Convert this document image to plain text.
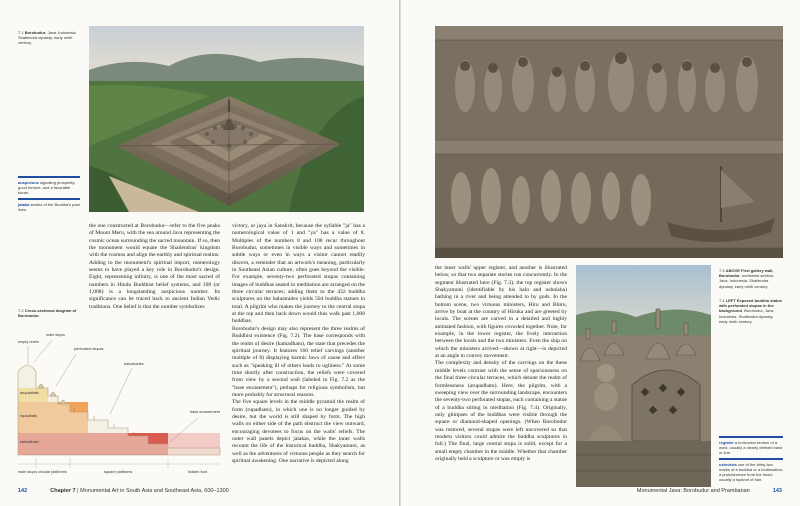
7.1 Borobudur, Java, Indonesia. Shailendra dynasty, early ninth century.
auspicious signaling prosperity, good fortune, and a favorable future.
jataka stories of the Buddha's past lives.
7.2 Cross-sectional diagram of Borobudur.
empty realm
main stupa
perforated stupas
balustrades
arupadhatu
rupadhatu
kamadhatu
base encasement
main stupa circular platforms	square platforms	hidden foot

the one constructed at Borobudur—refer to the five peaks of Mount Meru, with the sea around Java representing the cosmic ocean surrounding the sacred mountain. If so, then the monument would equate the Shailendras' kingdom with the cosmos and align the earthly and spiritual realms.
Adding to the monument's spiritual import, numerology seems to have played a key role in Borobudur's design. Eight, representing infinity, is one of the most sacred of numbers in Hindu Buddhist belief systems, and 108 (or 1,008) is a longstanding auspicious number. Its significance can be traced back to ancient Indian Vedic traditions. One belief is that the number symbolizes

victory, or jaya in Sanskrit, because the syllable "ja" has a numerological value of 1 and "ya" has a value of 8. Multiples of the numbers 8 and 108 recur throughout Borobudur, sometimes in visible ways and sometimes in subtle ways or even in ways a visitor cannot readily discern, a reminder that an artwork's meaning, particularly in Southeast Asian culture, often goes beyond the visible. For example, seventy-two perforated stupas containing images of buddhas seated in meditation are arranged on the three circular terraces; adding them to the 432 buddha sculptures on the balustrades yields 504 buddha statues in total. A pilgrim who makes the journey to the central stupa at the top and then back down would thus walk past 1,008 buddhas.
Borobudur's design may also represent the three realms of Buddhist existence (Fig. 7.2). The base corresponds with the realm of desire (kamadhatu), the state that precedes the spiritual journey. It features 160 relief carvings (another multiple of 8) displaying karmic laws of cause and effect such as "speaking ill of others leads to ugliness." At some time shortly after construction, the reliefs were covered from view by a second wall (labeled in Fig. 7.2 as the "base encasement"), perhaps for religious symbolism, but more probably for structural reasons.
The five square levels in the middle pyramid the realm of form (rupadhatu), in which one is no longer guided by desire, but the world is still shaped by form. The high walls on either side of the path obstruct the view outward, encouraging devotees to focus on the walls' reliefs. The outer wall panels depict jatakas, while the inner walls recount the life of the historical buddha, Shakyamuni, as well as the adventures of virtuous people as they search for spiritual awakening. One narrative is depicted along

142	Chapter 7 | Monumental Art in South Asia and Southeast Asia, 600–1300
7.3 ABOVE First gallery wall, Borobudur, northwest section, Java, Indonesia. Shailendra dynasty, early ninth century.
7.4 LEFT Exposed buddha statue with perforated stupas in the background, Borobudur, Java, Indonesia. Shailendra dynasty, early ninth century.
register a horizontal section of a work, usually a clearly defined band or line.
ushnisha one of the thirty-two marks of a buddha or a bodhisattva; a protuberance from the head, usually a topknot of hair.

the inner walls' upper register, and another is illustrated below, so that two separate stories run concurrently. In the segment illustrated here (Fig. 7.3), the top register shows Shakyamuni (identifiable by his halo and ushnisha) bathing in a river and being attended to by gods. In the bottom scene, two virtuous ministers, Hiru and Bhiru, arrive by boat at the country of Hiruka and are greeted by locals. The scenes are carved in a detailed and highly animated fashion, with figures crowded together. Note, for example, in the lower register, the lively interaction between the locals and the two ministers. Even the ship on which the ministers arrived—shown at right—is depicted at an angle to convey movement.
The complexity and density of the carvings on the these middle levels contrast with the sense of spaciousness on the final three circular terraces, which denote the realm of formlessness (arupadhatu). Here, the pilgrim, with a sweeping view over the surrounding landscape, encounters the seventy-two perforated stupas, each containing a statue of a buddha sitting in meditation (Fig. 7.4). Originally, only glimpses of the buddhas were visible through the square or diamond-shaped openings. (When Borobudur was restored, several stupas were left uncovered so that modern visitors could admire the buddha sculptures in full.) The final, large central stupa is solid, except for a small empty chamber in the middle. Whether that chamber originally held a sculpture or was empty is

Monumental Java: Borobudur and Prambanan	143
